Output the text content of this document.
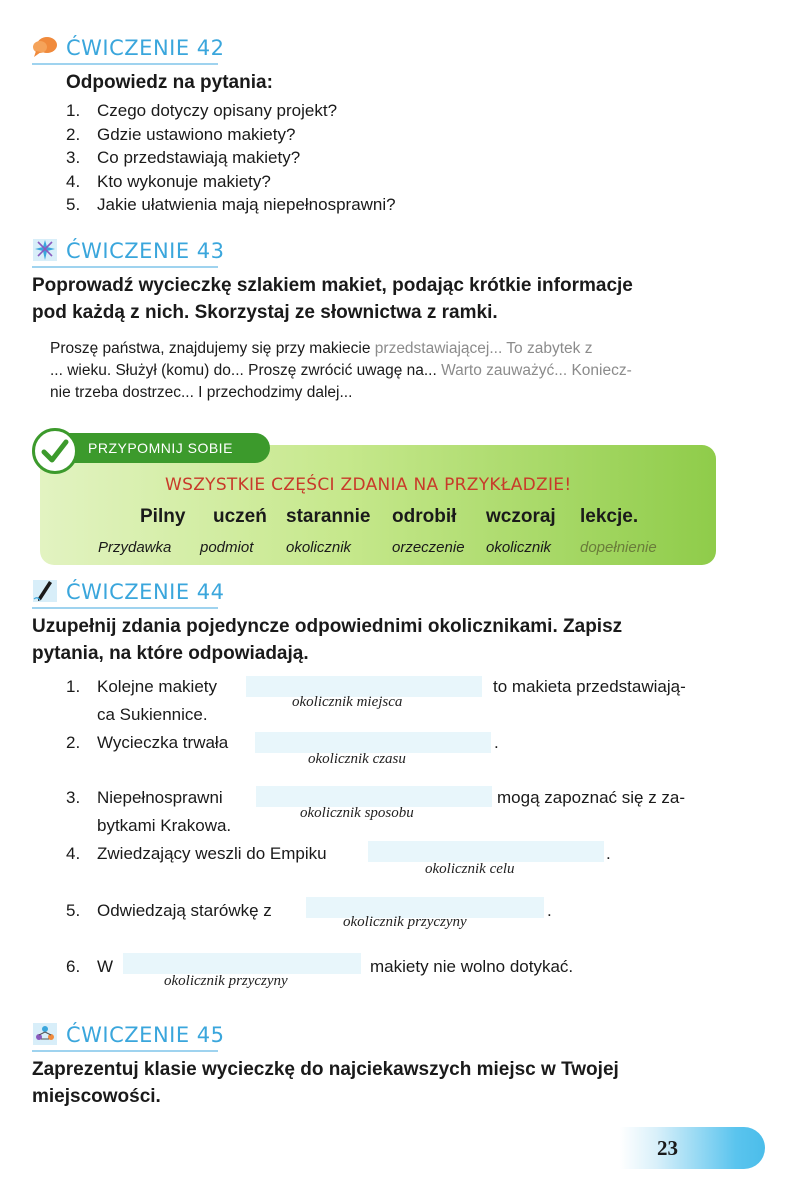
ĆWICZENIE 42
Odpowiedz na pytania:
1. Czego dotyczy opisany projekt?
2. Gdzie ustawiono makiety?
3. Co przedstawiają makiety?
4. Kto wykonuje makiety?
5. Jakie ułatwienia mają niepełnosprawni?
ĆWICZENIE 43
Poprowadź wycieczkę szlakiem makiet, podając krótkie informacje
pod każdą z nich. Skorzystaj ze słownictwa z ramki.
Proszę państwa, znajdujemy się przy makiecie przedstawiającej... To zabytek z
... wieku. Służył (komu) do... Proszę zwrócić uwagę na... Warto zauważyć... Koniecz-
nie trzeba dostrzec... I przechodzimy dalej...
PRZYPOMNIJ SOBIE
WSZYSTKIE CZĘŚCI ZDANIA NA PRZYKŁADZIE!
Pilny uczeń starannie odrobił wczoraj lekcje.
Przydawka podmiot okolicznik	orzeczenie okolicznik dopełnienie
ĆWICZENIE 44
Uzupełnij zdania pojedyncze odpowiednimi okolicznikami. Zapisz
pytania, na które odpowiadają.
1. Kolejne makiety	to makieta przedstawiają-
ca Sukiennice.
okolicznik miejsca
2. Wycieczka trwała	.
okolicznik czasu
3. Niepełnosprawni	mogą zapoznać się z za-
bytkami Krakowa.
okolicznik sposobu
4. Zwiedzający weszli do Empiku	.
okolicznik celu
5. Odwiedzają starówkę z	.
okolicznik przyczyny
6. W	makiety nie wolno dotykać.
okolicznik przyczyny
ĆWICZENIE 45
Zaprezentuj klasie wycieczkę do najciekawszych miejsc w Twojej
miejscowości.
23
